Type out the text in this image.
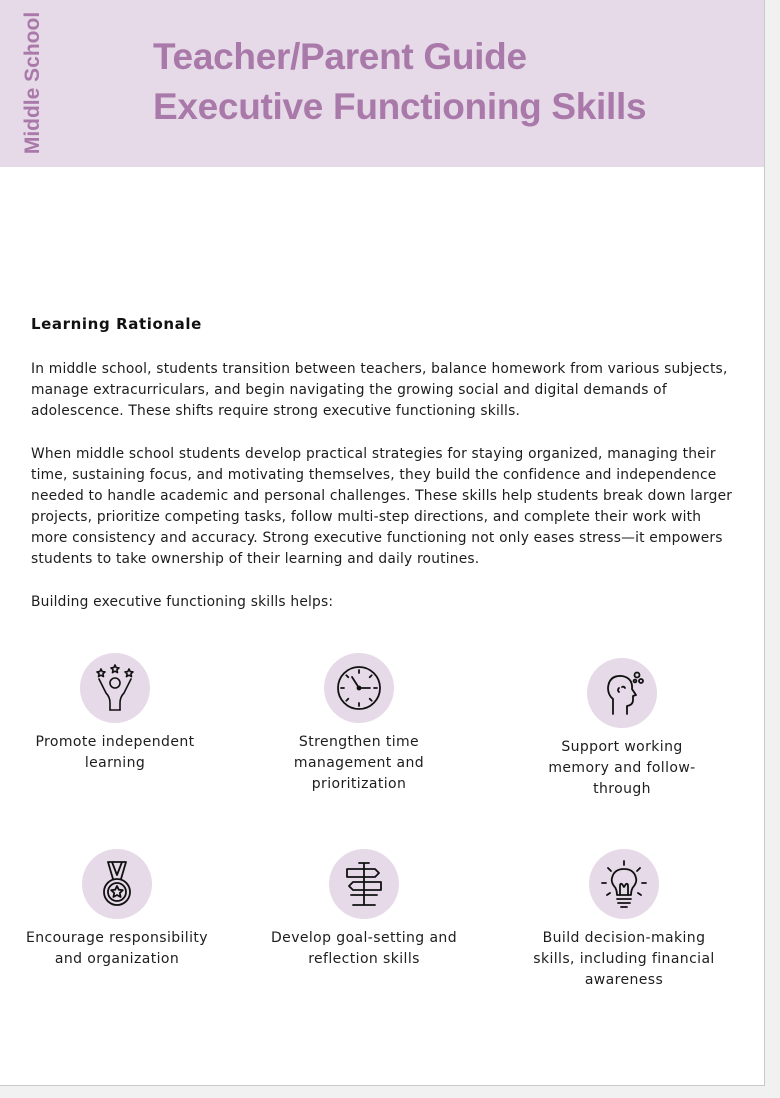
Middle School	Teacher/Parent Guide
Executive Functioning Skills
Learning Rationale

In middle school, students transition between teachers, balance homework from various subjects, manage extracurriculars, and begin navigating the growing social and digital demands of adolescence. These shifts require strong executive functioning skills.

When middle school students develop practical strategies for staying organized, managing their time, sustaining focus, and motivating themselves, they build the confidence and independence needed to handle academic and personal challenges. These skills help students break down larger projects, prioritize competing tasks, follow multi-step directions, and complete their work with more consistency and accuracy. Strong executive functioning not only eases stress—it empowers students to take ownership of their learning and daily routines.

Building executive functioning skills helps:

Promote independent learning
Strengthen time management and prioritization
Support working memory and follow-through
Encourage responsibility and organization
Develop goal-setting and reflection skills
Build decision-making skills, including financial awareness
